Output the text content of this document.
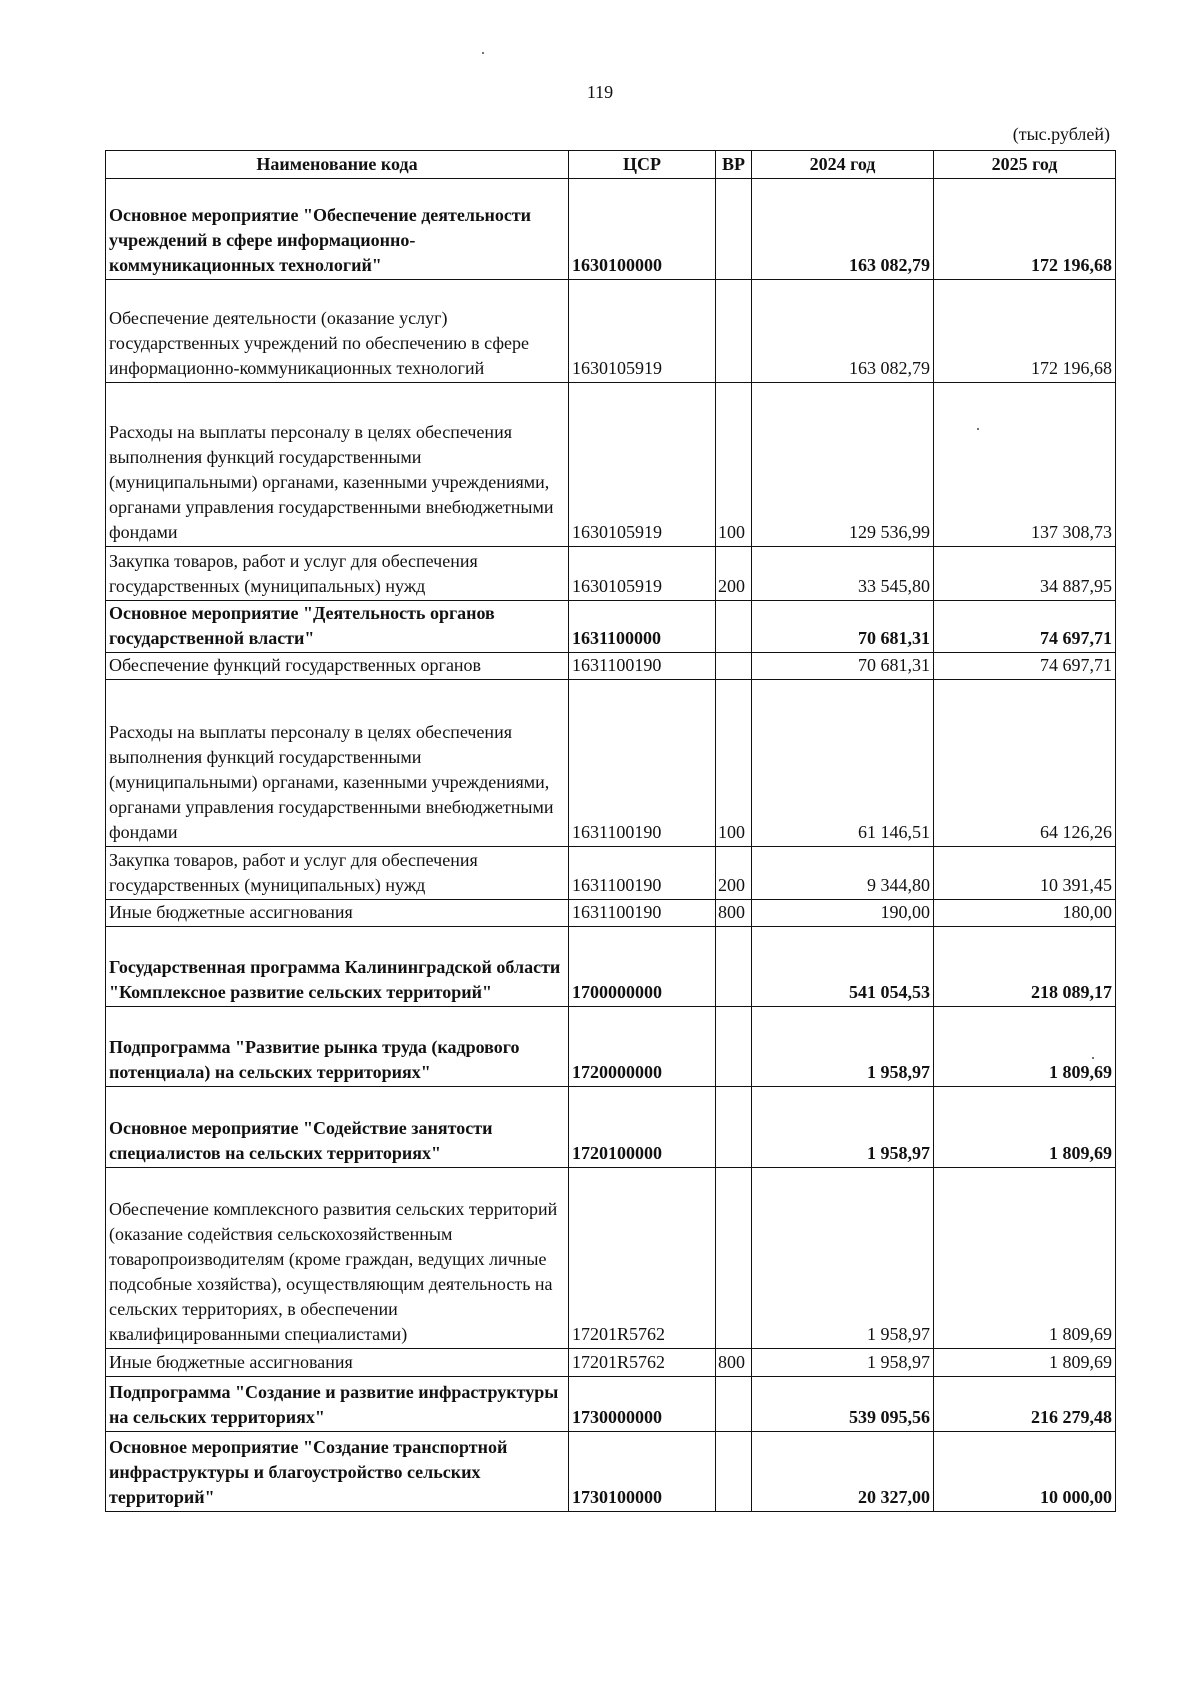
119
(тыс.рублей)
Наименование кода	ЦСР	ВР	2024 год	2025 год
Основное мероприятие "Обеспечение деятельности учреждений в сфере информационно-коммуникационных технологий"	1630100000		163 082,79	172 196,68
Обеспечение деятельности (оказание услуг) государственных учреждений по обеспечению в сфере информационно-коммуникационных технологий	1630105919		163 082,79	172 196,68
Расходы на выплаты персоналу в целях обеспечения выполнения функций государственными (муниципальными) органами, казенными учреждениями, органами управления государственными внебюджетными фондами	1630105919	100	129 536,99	137 308,73
Закупка товаров, работ и услуг для обеспечения государственных (муниципальных) нужд	1630105919	200	33 545,80	34 887,95
Основное мероприятие "Деятельность органов государственной власти"	1631100000		70 681,31	74 697,71
Обеспечение функций государственных органов	1631100190		70 681,31	74 697,71
Расходы на выплаты персоналу в целях обеспечения выполнения функций государственными (муниципальными) органами, казенными учреждениями, органами управления государственными внебюджетными фондами	1631100190	100	61 146,51	64 126,26
Закупка товаров, работ и услуг для обеспечения государственных (муниципальных) нужд	1631100190	200	9 344,80	10 391,45
Иные бюджетные ассигнования	1631100190	800	190,00	180,00
Государственная программа Калининградской области "Комплексное развитие сельских территорий"	1700000000		541 054,53	218 089,17
Подпрограмма "Развитие рынка труда (кадрового потенциала) на сельских территориях"	1720000000		1 958,97	1 809,69
Основное мероприятие "Содействие занятости специалистов на сельских территориях"	1720100000		1 958,97	1 809,69
Обеспечение комплексного развития сельских территорий (оказание содействия сельскохозяйственным товаропроизводителям (кроме граждан, ведущих личные подсобные хозяйства), осуществляющим деятельность на сельских территориях, в обеспечении квалифицированными специалистами)	17201R5762		1 958,97	1 809,69
Иные бюджетные ассигнования	17201R5762	800	1 958,97	1 809,69
Подпрограмма "Создание и развитие инфраструктуры на сельских территориях"	1730000000		539 095,56	216 279,48
Основное мероприятие "Создание транспортной инфраструктуры и благоустройство сельских территорий"	1730100000		20 327,00	10 000,00
